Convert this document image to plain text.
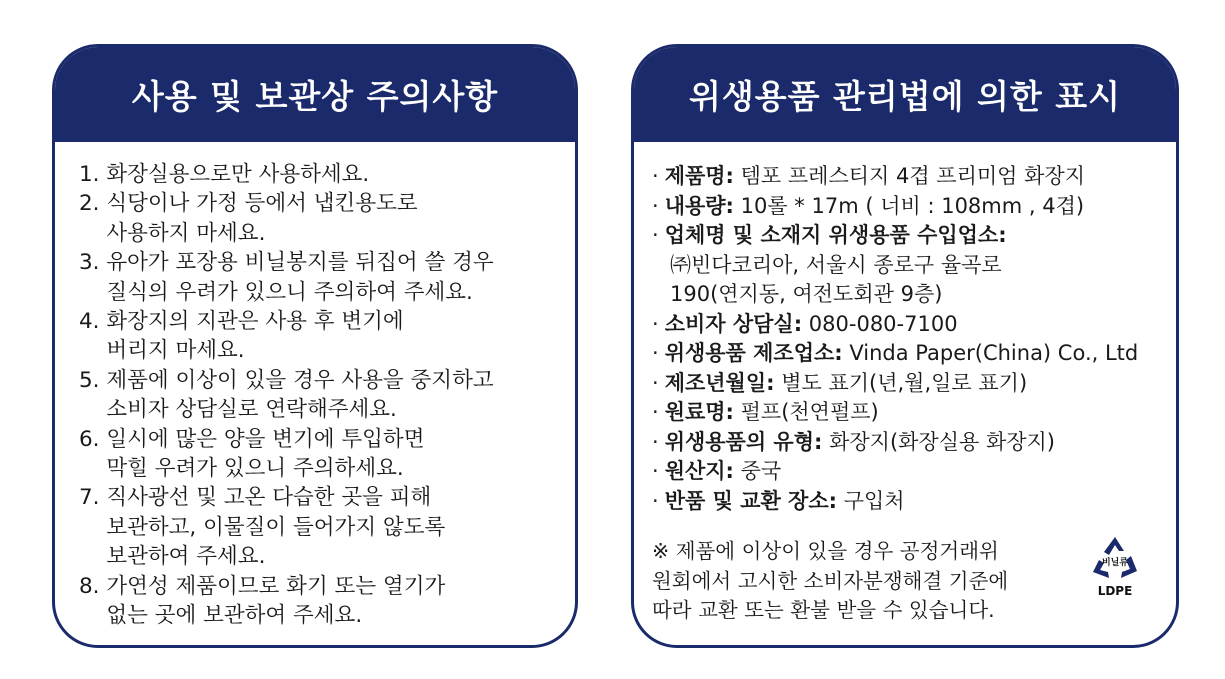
사용 및 보관상 주의사항
1. 화장실용으로만 사용하세요.
2. 식당이나 가정 등에서 냅킨용도로
사용하지 마세요.
3. 유아가 포장용 비닐봉지를 뒤집어 쓸 경우
질식의 우려가 있으니 주의하여 주세요.
4. 화장지의 지관은 사용 후 변기에
버리지 마세요.
5. 제품에 이상이 있을 경우 사용을 중지하고
소비자 상담실로 연락해주세요.
6. 일시에 많은 양을 변기에 투입하면
막힐 우려가 있으니 주의하세요.
7. 직사광선 및 고온 다습한 곳을 피해
보관하고, 이물질이 들어가지 않도록
보관하여 주세요.
8. 가연성 제품이므로 화기 또는 열기가
없는 곳에 보관하여 주세요.
위생용품 관리법에 의한 표시
· 제품명: 템포 프레스티지 4겹 프리미엄 화장지
· 내용량: 10롤 * 17m ( 너비 : 108mm , 4겹)
· 업체명 및 소재지 위생용품 수입업소:
㈜빈다코리아, 서울시 종로구 율곡로
190(연지동, 여전도회관 9층)
· 소비자 상담실: 080-080-7100
· 위생용품 제조업소: Vinda Paper(China) Co., Ltd
· 제조년월일: 별도 표기(년,월,일로 표기)
· 원료명: 펄프(천연펄프)
· 위생용품의 유형: 화장지(화장실용 화장지)
· 원산지: 중국
· 반품 및 교환 장소: 구입처
※ 제품에 이상이 있을 경우 공정거래위
원회에서 고시한 소비자분쟁해결 기준에
따라 교환 또는 환불 받을 수 있습니다.
비닐류
LDPE
